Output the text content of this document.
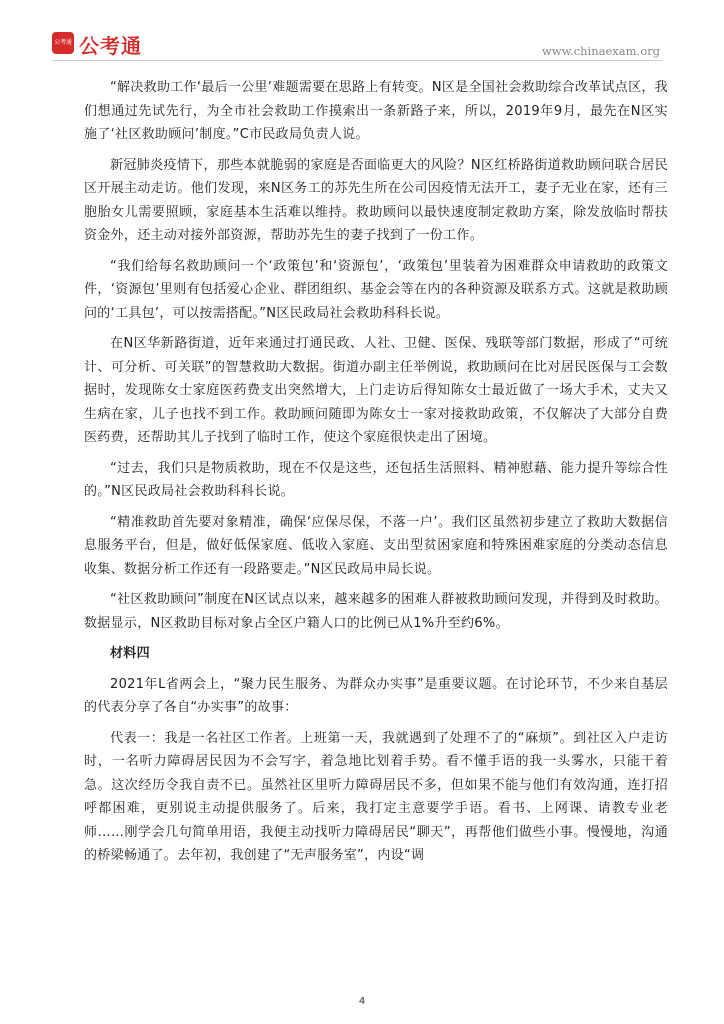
公考通 公考通	www.chinaexam.org

“解决救助工作‘最后一公里’难题需要在思路上有转变。N区是全国社会救助综合改革试点区，我们想通过先试先行，为全市社会救助工作摸索出一条新路子来，所以，2019年9月，最先在N区实施了‘社区救助顾问’制度。”C市民政局负责人说。

新冠肺炎疫情下，那些本就脆弱的家庭是否面临更大的风险？N区红桥路街道救助顾问联合居民区开展主动走访。他们发现，来N区务工的苏先生所在公司因疫情无法开工，妻子无业在家，还有三胞胎女儿需要照顾，家庭基本生活难以维持。救助顾问以最快速度制定救助方案，除发放临时帮扶资金外，还主动对接外部资源，帮助苏先生的妻子找到了一份工作。

“我们给每名救助顾问一个‘政策包’和‘资源包’，‘政策包’里装着为困难群众申请救助的政策文件，‘资源包’里则有包括爱心企业、群团组织、基金会等在内的各种资源及联系方式。这就是救助顾问的‘工具包’，可以按需搭配。”N区民政局社会救助科科长说。

在N区华新路街道，近年来通过打通民政、人社、卫健、医保、残联等部门数据，形成了“可统计、可分析、可关联”的智慧救助大数据。街道办副主任举例说，救助顾问在比对居民医保与工会数据时，发现陈女士家庭医药费支出突然增大，上门走访后得知陈女士最近做了一场大手术，丈夫又生病在家，儿子也找不到工作。救助顾问随即为陈女士一家对接救助政策，不仅解决了大部分自费医药费，还帮助其儿子找到了临时工作，使这个家庭很快走出了困境。

“过去，我们只是物质救助，现在不仅是这些，还包括生活照料、精神慰藉、能力提升等综合性的。”N区民政局社会救助科科长说。

“精准救助首先要对象精准，确保‘应保尽保，不落一户’。我们区虽然初步建立了救助大数据信息服务平台，但是，做好低保家庭、低收入家庭、支出型贫困家庭和特殊困难家庭的分类动态信息收集、数据分析工作还有一段路要走。”N区民政局申局长说。

“社区救助顾问”制度在N区试点以来，越来越多的困难人群被救助顾问发现，并得到及时救助。数据显示，N区救助目标对象占全区户籍人口的比例已从1%升至约6%。

材料四

2021年L省两会上，“聚力民生服务、为群众办实事”是重要议题。在讨论环节，不少来自基层的代表分享了各自“办实事”的故事：

代表一：我是一名社区工作者。上班第一天，我就遇到了处理不了的“麻烦”。到社区入户走访时，一名听力障碍居民因为不会写字，着急地比划着手势。看不懂手语的我一头雾水，只能干着急。这次经历令我自责不已。虽然社区里听力障碍居民不多，但如果不能与他们有效沟通，连打招呼都困难，更别说主动提供服务了。后来，我打定主意要学手语。看书、上网课、请教专业老师……刚学会几句简单用语，我便主动找听力障碍居民“聊天”，再帮他们做些小事。慢慢地，沟通的桥梁畅通了。去年初，我创建了“无声服务室”，内设“调

4
